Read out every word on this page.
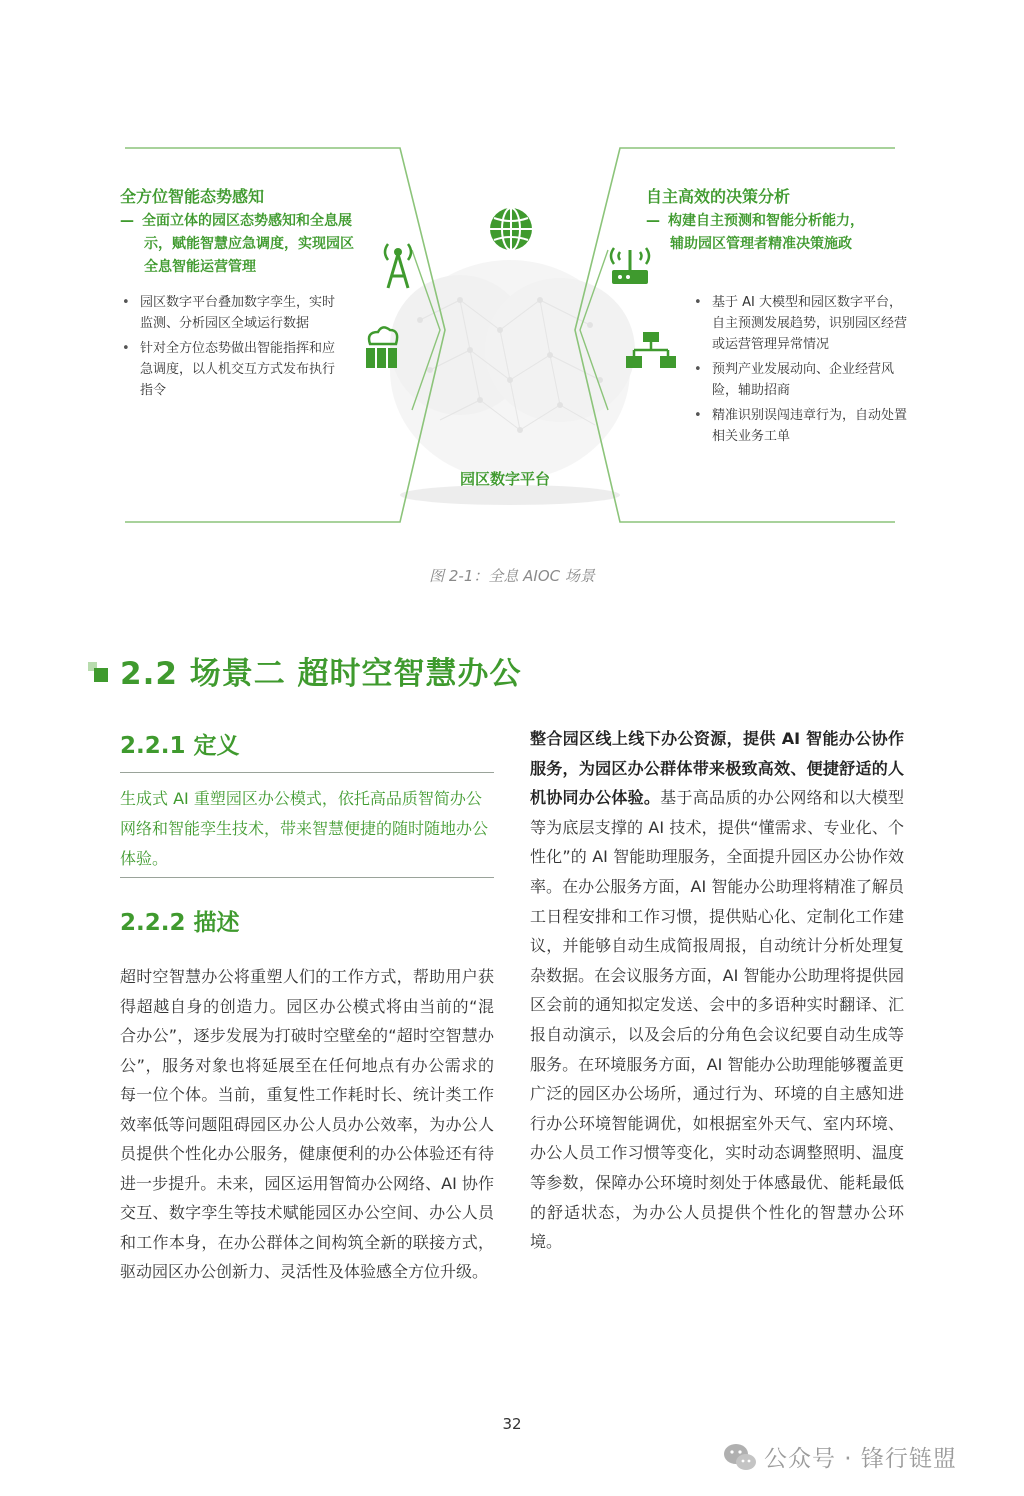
全方位智能态势感知
— 全面立体的园区态势感知和全息展
示，赋能智慧应急调度，实现园区
全息智能运营管理
• 园区数字平台叠加数字孪生，实时监测、分析园区全域运行数据
• 针对全方位态势做出智能指挥和应急调度，以人机交互方式发布执行指令
自主高效的决策分析
— 构建自主预测和智能分析能力，
辅助园区管理者精准决策施政
• 基于 AI 大模型和园区数字平台，自主预测发展趋势，识别园区经营或运营管理异常情况
• 预判产业发展动向、企业经营风险，辅助招商
• 精准识别误闯违章行为，自动处置相关业务工单
园区数字平台
图 2-1：全息 AIOC 场景
2.2 场景二 超时空智慧办公
2.2.1 定义
生成式 AI 重塑园区办公模式，依托高品质智简办公网络和智能孪生技术，带来智慧便捷的随时随地办公体验。
2.2.2 描述
超时空智慧办公将重塑人们的工作方式，帮助用户获得超越自身的创造力。园区办公模式将由当前的“混合办公”，逐步发展为打破时空壁垒的“超时空智慧办公”，服务对象也将延展至在任何地点有办公需求的每一位个体。当前，重复性工作耗时长、统计类工作效率低等问题阻碍园区办公人员办公效率，为办公人员提供个性化办公服务，健康便利的办公体验还有待进一步提升。未来，园区运用智简办公网络、AI 协作交互、数字孪生等技术赋能园区办公空间、办公人员和工作本身，在办公群体之间构筑全新的联接方式，驱动园区办公创新力、灵活性及体验感全方位升级。
整合园区线上线下办公资源，提供 AI 智能办公协作服务，为园区办公群体带来极致高效、便捷舒适的人机协同办公体验。基于高品质的办公网络和以大模型等为底层支撑的 AI 技术，提供“懂需求、专业化、个性化”的 AI 智能助理服务，全面提升园区办公协作效率。在办公服务方面，AI 智能办公助理将精准了解员工日程安排和工作习惯，提供贴心化、定制化工作建议，并能够自动生成简报周报，自动统计分析处理复杂数据。在会议服务方面，AI 智能办公助理将提供园区会前的通知拟定发送、会中的多语种实时翻译、汇报自动演示，以及会后的分角色会议纪要自动生成等服务。在环境服务方面，AI 智能办公助理能够覆盖更广泛的园区办公场所，通过行为、环境的自主感知进行办公环境智能调优，如根据室外天气、室内环境、办公人员工作习惯等变化，实时动态调整照明、温度等参数，保障办公环境时刻处于体感最优、能耗最低的舒适状态，为办公人员提供个性化的智慧办公环境。
32
公众号 · 锋行链盟
